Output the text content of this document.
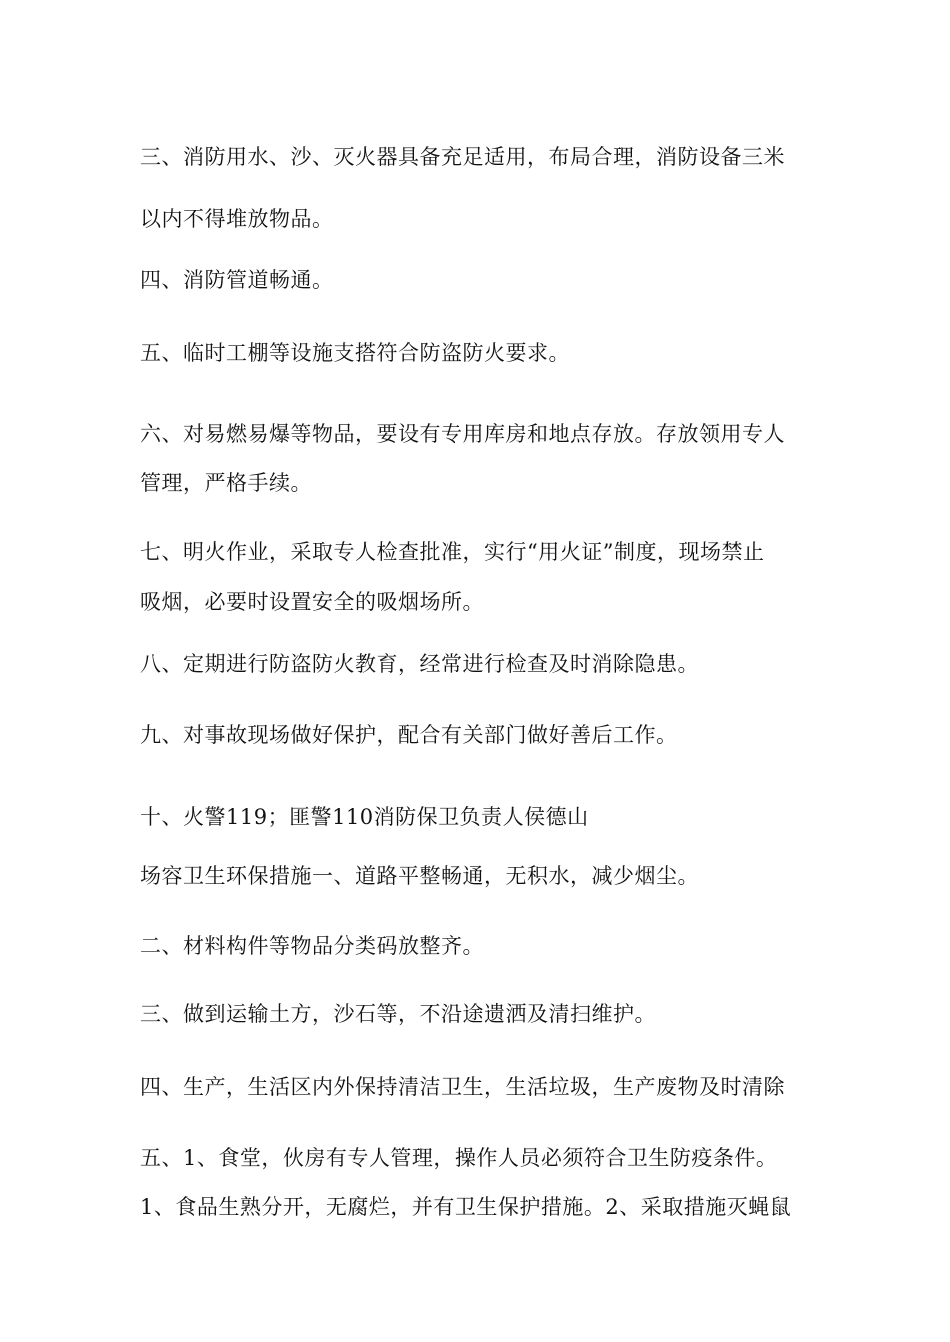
三、消防用水、沙、灭火器具备充足适用，布局合理，消防设备三米
以内不得堆放物品。
四、消防管道畅通。
五、临时工棚等设施支搭符合防盗防火要求。
六、对易燃易爆等物品，要设有专用库房和地点存放。存放领用专人
管理，严格手续。
七、明火作业，采取专人检查批准，实行“用火证”制度，现场禁止
吸烟，必要时设置安全的吸烟场所。
八、定期进行防盗防火教育，经常进行检查及时消除隐患。
九、对事故现场做好保护，配合有关部门做好善后工作。
十、火警119；匪警110消防保卫负责人侯德山
场容卫生环保措施一、道路平整畅通，无积水，减少烟尘。
二、材料构件等物品分类码放整齐。
三、做到运输土方，沙石等，不沿途遗洒及清扫维护。
四、生产，生活区内外保持清洁卫生，生活垃圾，生产废物及时清除
五、1、食堂，伙房有专人管理，操作人员必须符合卫生防疫条件。
1、食品生熟分开，无腐烂，并有卫生保护措施。2、采取措施灭蝇鼠
